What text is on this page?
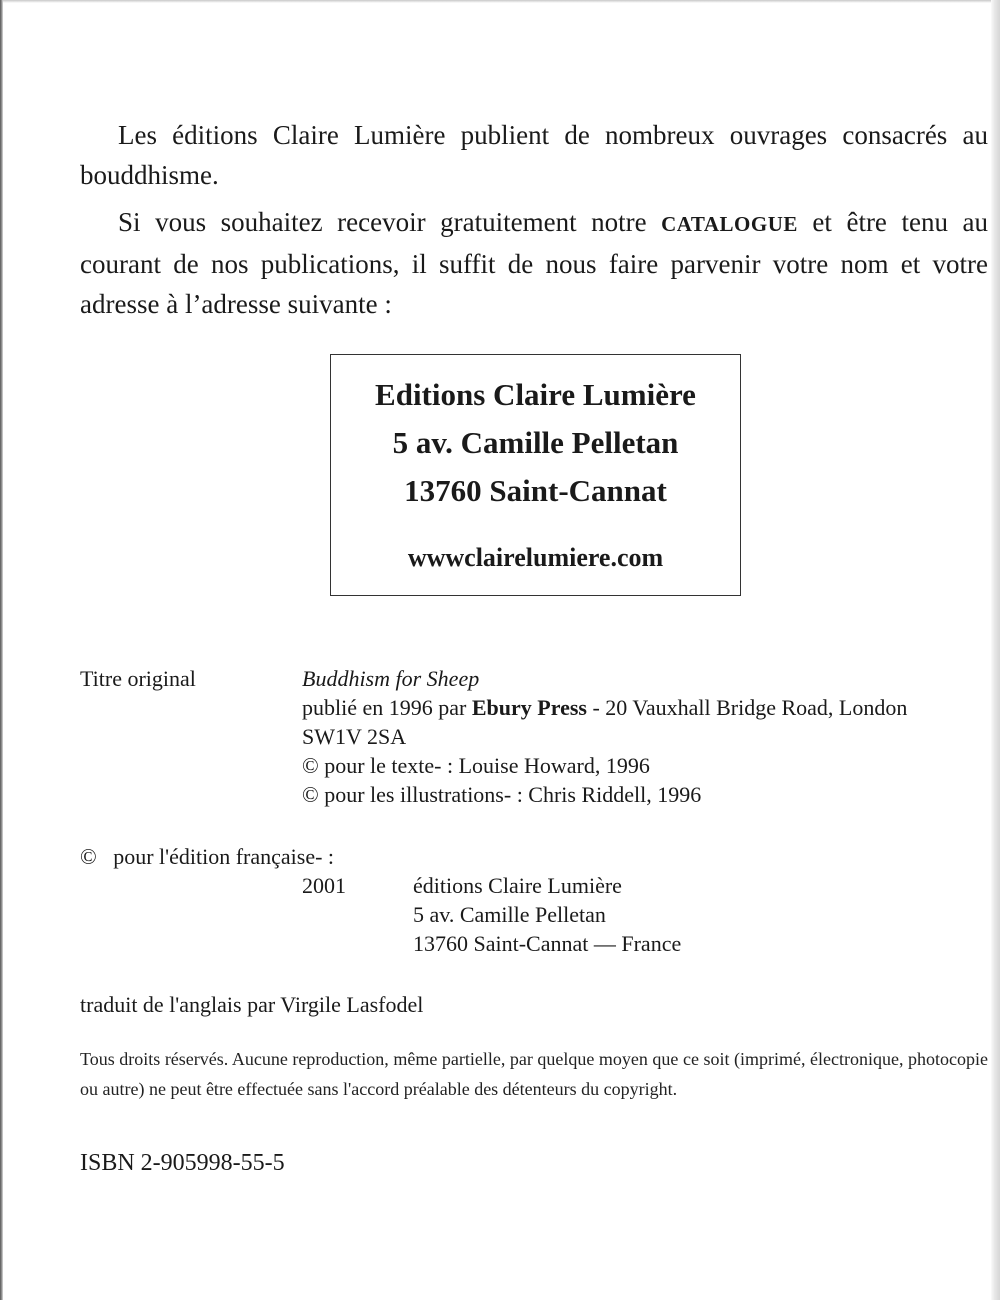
Les éditions Claire Lumière publient de nombreux ouvrages consacrés au bouddhisme.

Si vous souhaitez recevoir gratuitement notre CATALOGUE et être tenu au courant de nos publications, il suffit de nous faire parvenir votre nom et votre adresse à l’adresse suivante :

Editions Claire Lumière
5 av. Camille Pelletan
13760 Saint-Cannat
wwwclairelumiere.com
Titre original	Buddhism for Sheep
publié en 1996 par Ebury Press - 20 Vauxhall Bridge Road, London
SW1V 2SA
© pour le texte- : Louise Howard, 1996
© pour les illustrations- : Chris Riddell, 1996
©   pour l'édition française- :
2001	éditions Claire Lumière
5 av. Camille Pelletan
13760 Saint-Cannat — France
traduit de l'anglais par Virgile Lasfodel

Tous droits réservés. Aucune reproduction, même partielle, par quelque moyen que ce soit (imprimé, électronique, photocopie ou autre) ne peut être effectuée sans l'accord préalable des détenteurs du copyright.

ISBN 2-905998-55-5
